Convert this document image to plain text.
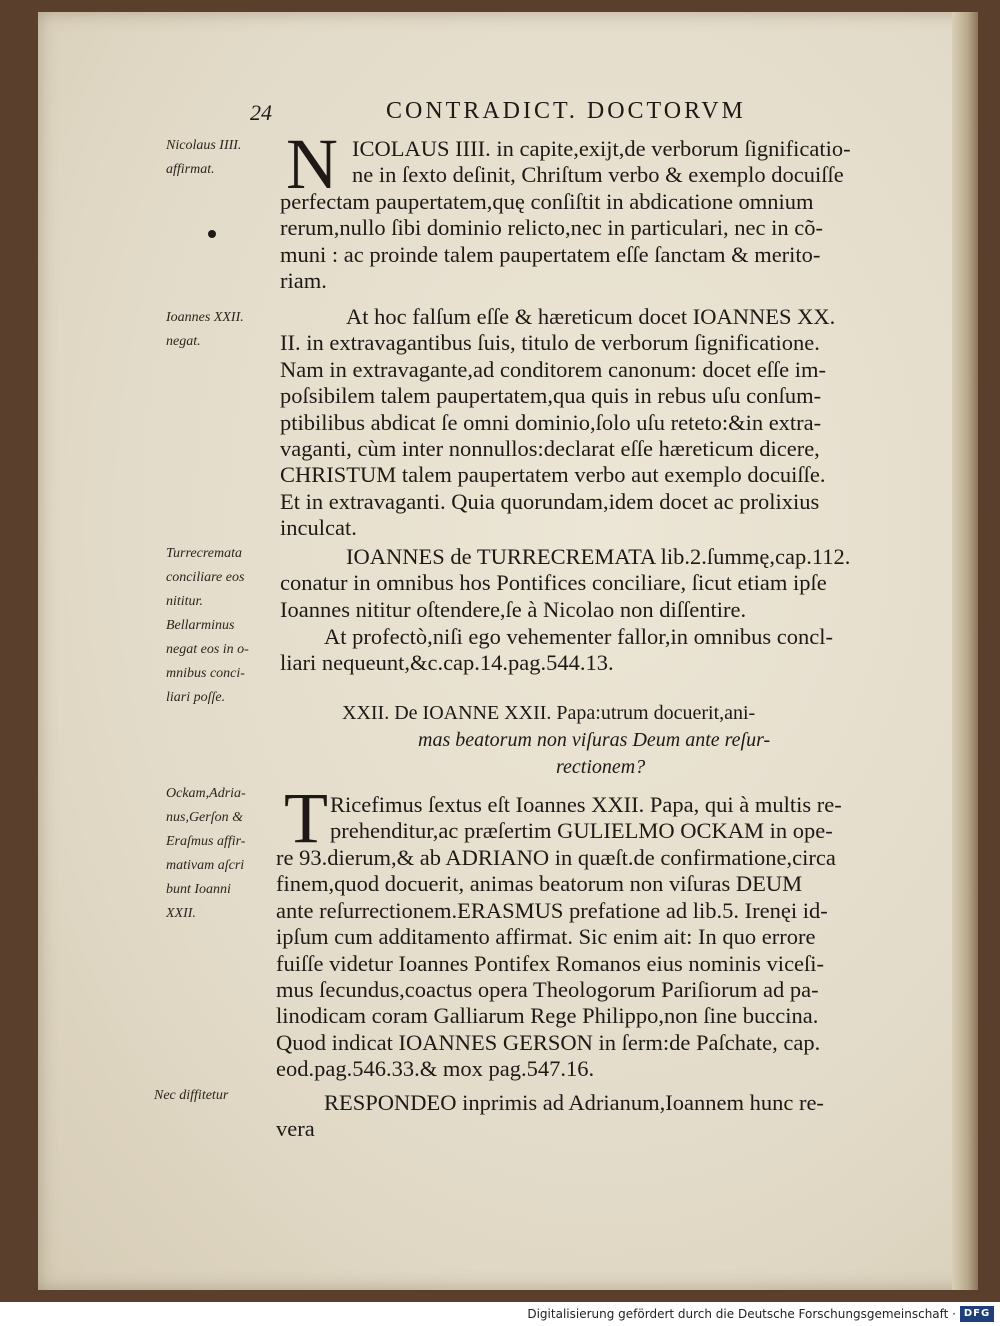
24	CONTRADICT. DOCTORVM
N ICOLAUS IIII. in capite,exijt,de verborum ſignificatio-
ne in ſexto deſinit, Chriſtum verbo & exemplo docuiſſe
perfectam paupertatem,quę conſiſtit in abdicatione omnium
rerum,nullo ſibi dominio relicto,nec in particulari, nec in cõ-
muni : ac proinde talem paupertatem eſſe ſanctam & merito-
riam.
At hoc falſum eſſe & hæreticum docet IOANNES XX.
II. in extravagantibus ſuis, titulo de verborum ſignificatione.
Nam in extravagante,ad conditorem canonum: docet eſſe im-
poſsibilem talem paupertatem,qua quis in rebus uſu conſum-
ptibilibus abdicat ſe omni dominio,ſolo uſu reteto:&in extra-
vaganti, cùm inter nonnullos:declarat eſſe hæreticum dicere,
CHRISTUM talem paupertatem verbo aut exemplo docuiſſe.
Et in extravaganti. Quia quorundam,idem docet ac prolixius
inculcat.
IOANNES de TURRECREMATA lib.2.ſummę,cap.112.
conatur in omnibus hos Pontifices conciliare, ſicut etiam ipſe
Ioannes nititur oſtendere,ſe à Nicolao non diſſentire.
At profectò,niſi ego vehementer fallor,in omnibus concl-
liari nequeunt,&c.cap.14.pag.544.13.
XXII. De IOANNE XXII. Papa:utrum docuerit,ani-
mas beatorum non viſuras Deum ante reſur-
rectionem?
T Ricefimus ſextus eſt Ioannes XXII. Papa, qui à multis re-
prehenditur,ac præſertim GULIELMO OCKAM in ope-
re 93.dierum,& ab ADRIANO in quæſt.de confirmatione,circa
finem,quod docuerit, animas beatorum non viſuras DEUM
ante reſurrectionem.ERASMUS prefatione ad lib.5. Irenęi id-
ipſum cum additamento affirmat. Sic enim ait: In quo errore
fuiſſe videtur Ioannes Pontifex Romanos eius nominis viceſi-
mus ſecundus,coactus opera Theologorum Pariſiorum ad pa-
linodicam coram Galliarum Rege Philippo,non ſine buccina.
Quod indicat IOANNES GERSON in ſerm:de Paſchate, cap.
eod.pag.546.33.& mox pag.547.16.
RESPONDEO inprimis ad Adrianum,Ioannem hunc re-
vera
Nicolaus IIII.
affirmat.
Ioannes XXII.
negat.
Turrecremata
conciliare eos
nititur.
Bellarminus
negat eos in o-
mnibus conci-
liari poſſe.
Ockam,Adria-
nus,Gerſon &
Eraſmus affir-
mativam aſcri
bunt Ioanni
XXII.
Nec diffitetur
Digitalisierung gefördert durch die Deutsche Forschungsgemeinschaft · DFG
